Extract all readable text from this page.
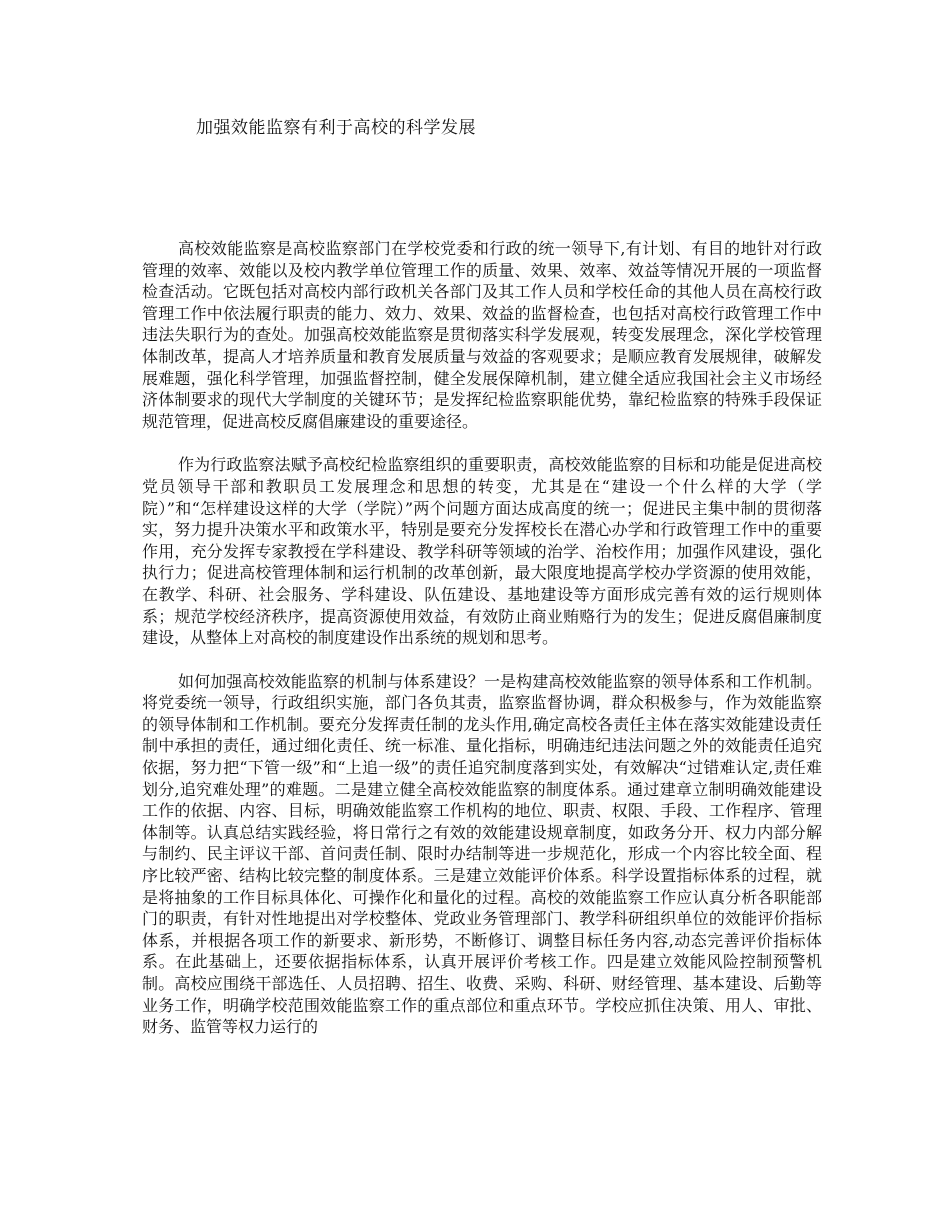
加强效能监察有利于高校的科学发展

高校效能监察是高校监察部门在学校党委和行政的统一领导下,有计划、有目的地针对行政管理的效率、效能以及校内教学单位管理工作的质量、效果、效率、效益等情况开展的一项监督检查活动。它既包括对高校内部行政机关各部门及其工作人员和学校任命的其他人员在高校行政管理工作中依法履行职责的能力、效力、效果、效益的监督检查，也包括对高校行政管理工作中违法失职行为的查处。加强高校效能监察是贯彻落实科学发展观，转变发展理念，深化学校管理体制改革，提高人才培养质量和教育发展质量与效益的客观要求；是顺应教育发展规律，破解发展难题，强化科学管理，加强监督控制，健全发展保障机制，建立健全适应我国社会主义市场经济体制要求的现代大学制度的关键环节；是发挥纪检监察职能优势，靠纪检监察的特殊手段保证规范管理，促进高校反腐倡廉建设的重要途径。

作为行政监察法赋予高校纪检监察组织的重要职责，高校效能监察的目标和功能是促进高校党员领导干部和教职员工发展理念和思想的转变，尤其是在“建设一个什么样的大学（学院）”和“怎样建设这样的大学（学院）”两个问题方面达成高度的统一；促进民主集中制的贯彻落实，努力提升决策水平和政策水平，特别是要充分发挥校长在潜心办学和行政管理工作中的重要作用，充分发挥专家教授在学科建设、教学科研等领域的治学、治校作用；加强作风建设，强化执行力；促进高校管理体制和运行机制的改革创新，最大限度地提高学校办学资源的使用效能，在教学、科研、社会服务、学科建设、队伍建设、基地建设等方面形成完善有效的运行规则体系；规范学校经济秩序，提高资源使用效益，有效防止商业贿赂行为的发生；促进反腐倡廉制度建设，从整体上对高校的制度建设作出系统的规划和思考。

如何加强高校效能监察的机制与体系建设？一是构建高校效能监察的领导体系和工作机制。将党委统一领导，行政组织实施，部门各负其责，监察监督协调，群众积极参与，作为效能监察的领导体制和工作机制。要充分发挥责任制的龙头作用,确定高校各责任主体在落实效能建设责任制中承担的责任，通过细化责任、统一标准、量化指标，明确违纪违法问题之外的效能责任追究依据，努力把“下管一级”和“上追一级”的责任追究制度落到实处，有效解决“过错难认定,责任难划分,追究难处理”的难题。二是建立健全高校效能监察的制度体系。通过建章立制明确效能建设工作的依据、内容、目标，明确效能监察工作机构的地位、职责、权限、手段、工作程序、管理体制等。认真总结实践经验，将日常行之有效的效能建设规章制度，如政务分开、权力内部分解与制约、民主评议干部、首问责任制、限时办结制等进一步规范化，形成一个内容比较全面、程序比较严密、结构比较完整的制度体系。三是建立效能评价体系。科学设置指标体系的过程，就是将抽象的工作目标具体化、可操作化和量化的过程。高校的效能监察工作应认真分析各职能部门的职责，有针对性地提出对学校整体、党政业务管理部门、教学科研组织单位的效能评价指标体系，并根据各项工作的新要求、新形势，不断修订、调整目标任务内容,动态完善评价指标体系。在此基础上，还要依据指标体系，认真开展评价考核工作。四是建立效能风险控制预警机制。高校应围绕干部选任、人员招聘、招生、收费、采购、科研、财经管理、基本建设、后勤等业务工作，明确学校范围效能监察工作的重点部位和重点环节。学校应抓住决策、用人、审批、财务、监管等权力运行的
